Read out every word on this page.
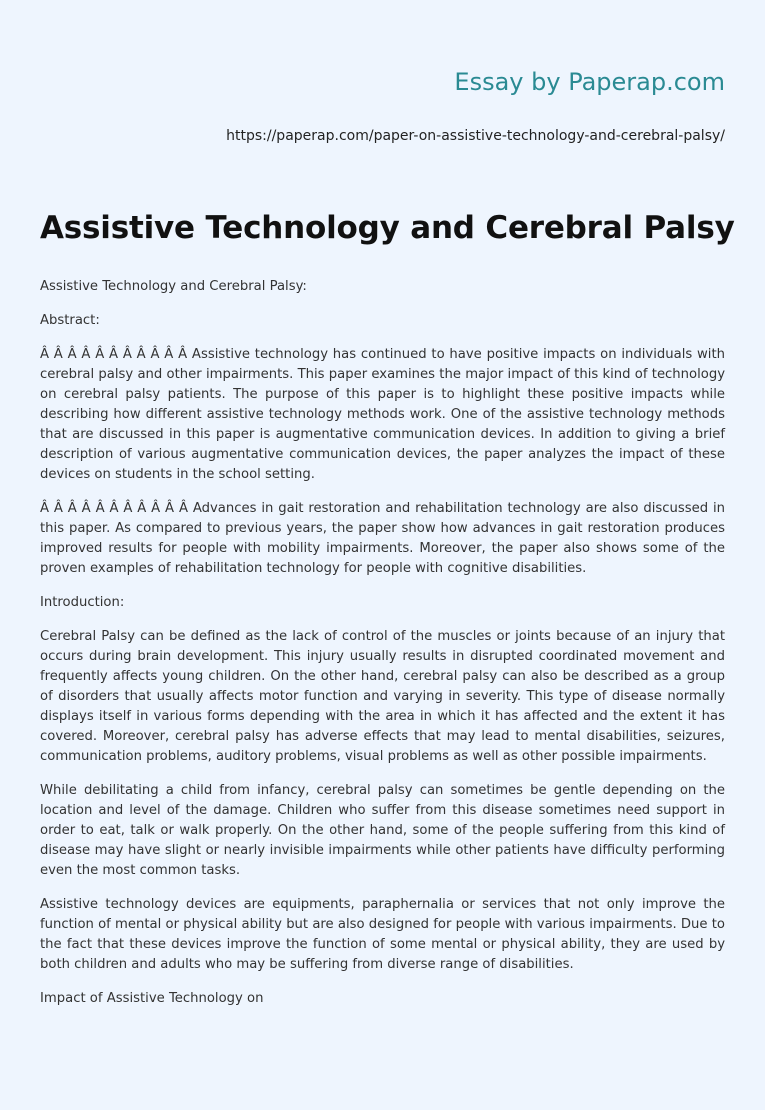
Essay by Paperap.com
https://paperap.com/paper-on-assistive-technology-and-cerebral-palsy/
Assistive Technology and Cerebral Palsy

Assistive Technology and Cerebral Palsy:

Abstract:

Â Â Â Â Â Â Â Â Â Â Â Assistive technology has continued to have positive impacts on individuals with cerebral palsy and other impairments. This paper examines the major impact of this kind of technology on cerebral palsy patients. The purpose of this paper is to highlight these positive impacts while describing how different assistive technology methods work. One of the assistive technology methods that are discussed in this paper is augmentative communication devices. In addition to giving a brief description of various augmentative communication devices, the paper analyzes the impact of these devices on students in the school setting.

Â Â Â Â Â Â Â Â Â Â Â Advances in gait restoration and rehabilitation technology are also discussed in this paper. As compared to previous years, the paper show how advances in gait restoration produces improved results for people with mobility impairments. Moreover, the paper also shows some of the proven examples of rehabilitation technology for people with cognitive disabilities.

Introduction:

Cerebral Palsy can be defined as the lack of control of the muscles or joints because of an injury that occurs during brain development. This injury usually results in disrupted coordinated movement and frequently affects young children. On the other hand, cerebral palsy can also be described as a group of disorders that usually affects motor function and varying in severity. This type of disease normally displays itself in various forms depending with the area in which it has affected and the extent it has covered. Moreover, cerebral palsy has adverse effects that may lead to mental disabilities, seizures, communication problems, auditory problems, visual problems as well as other possible impairments.

While debilitating a child from infancy, cerebral palsy can sometimes be gentle depending on the location and level of the damage. Children who suffer from this disease sometimes need support in order to eat, talk or walk properly. On the other hand, some of the people suffering from this kind of disease may have slight or nearly invisible impairments while other patients have difficulty performing even the most common tasks.

Assistive technology devices are equipments, paraphernalia or services that not only improve the function of mental or physical ability but are also designed for people with various impairments. Due to the fact that these devices improve the function of some mental or physical ability, they are used by both children and adults who may be suffering from diverse range of disabilities.

Impact of Assistive Technology on
